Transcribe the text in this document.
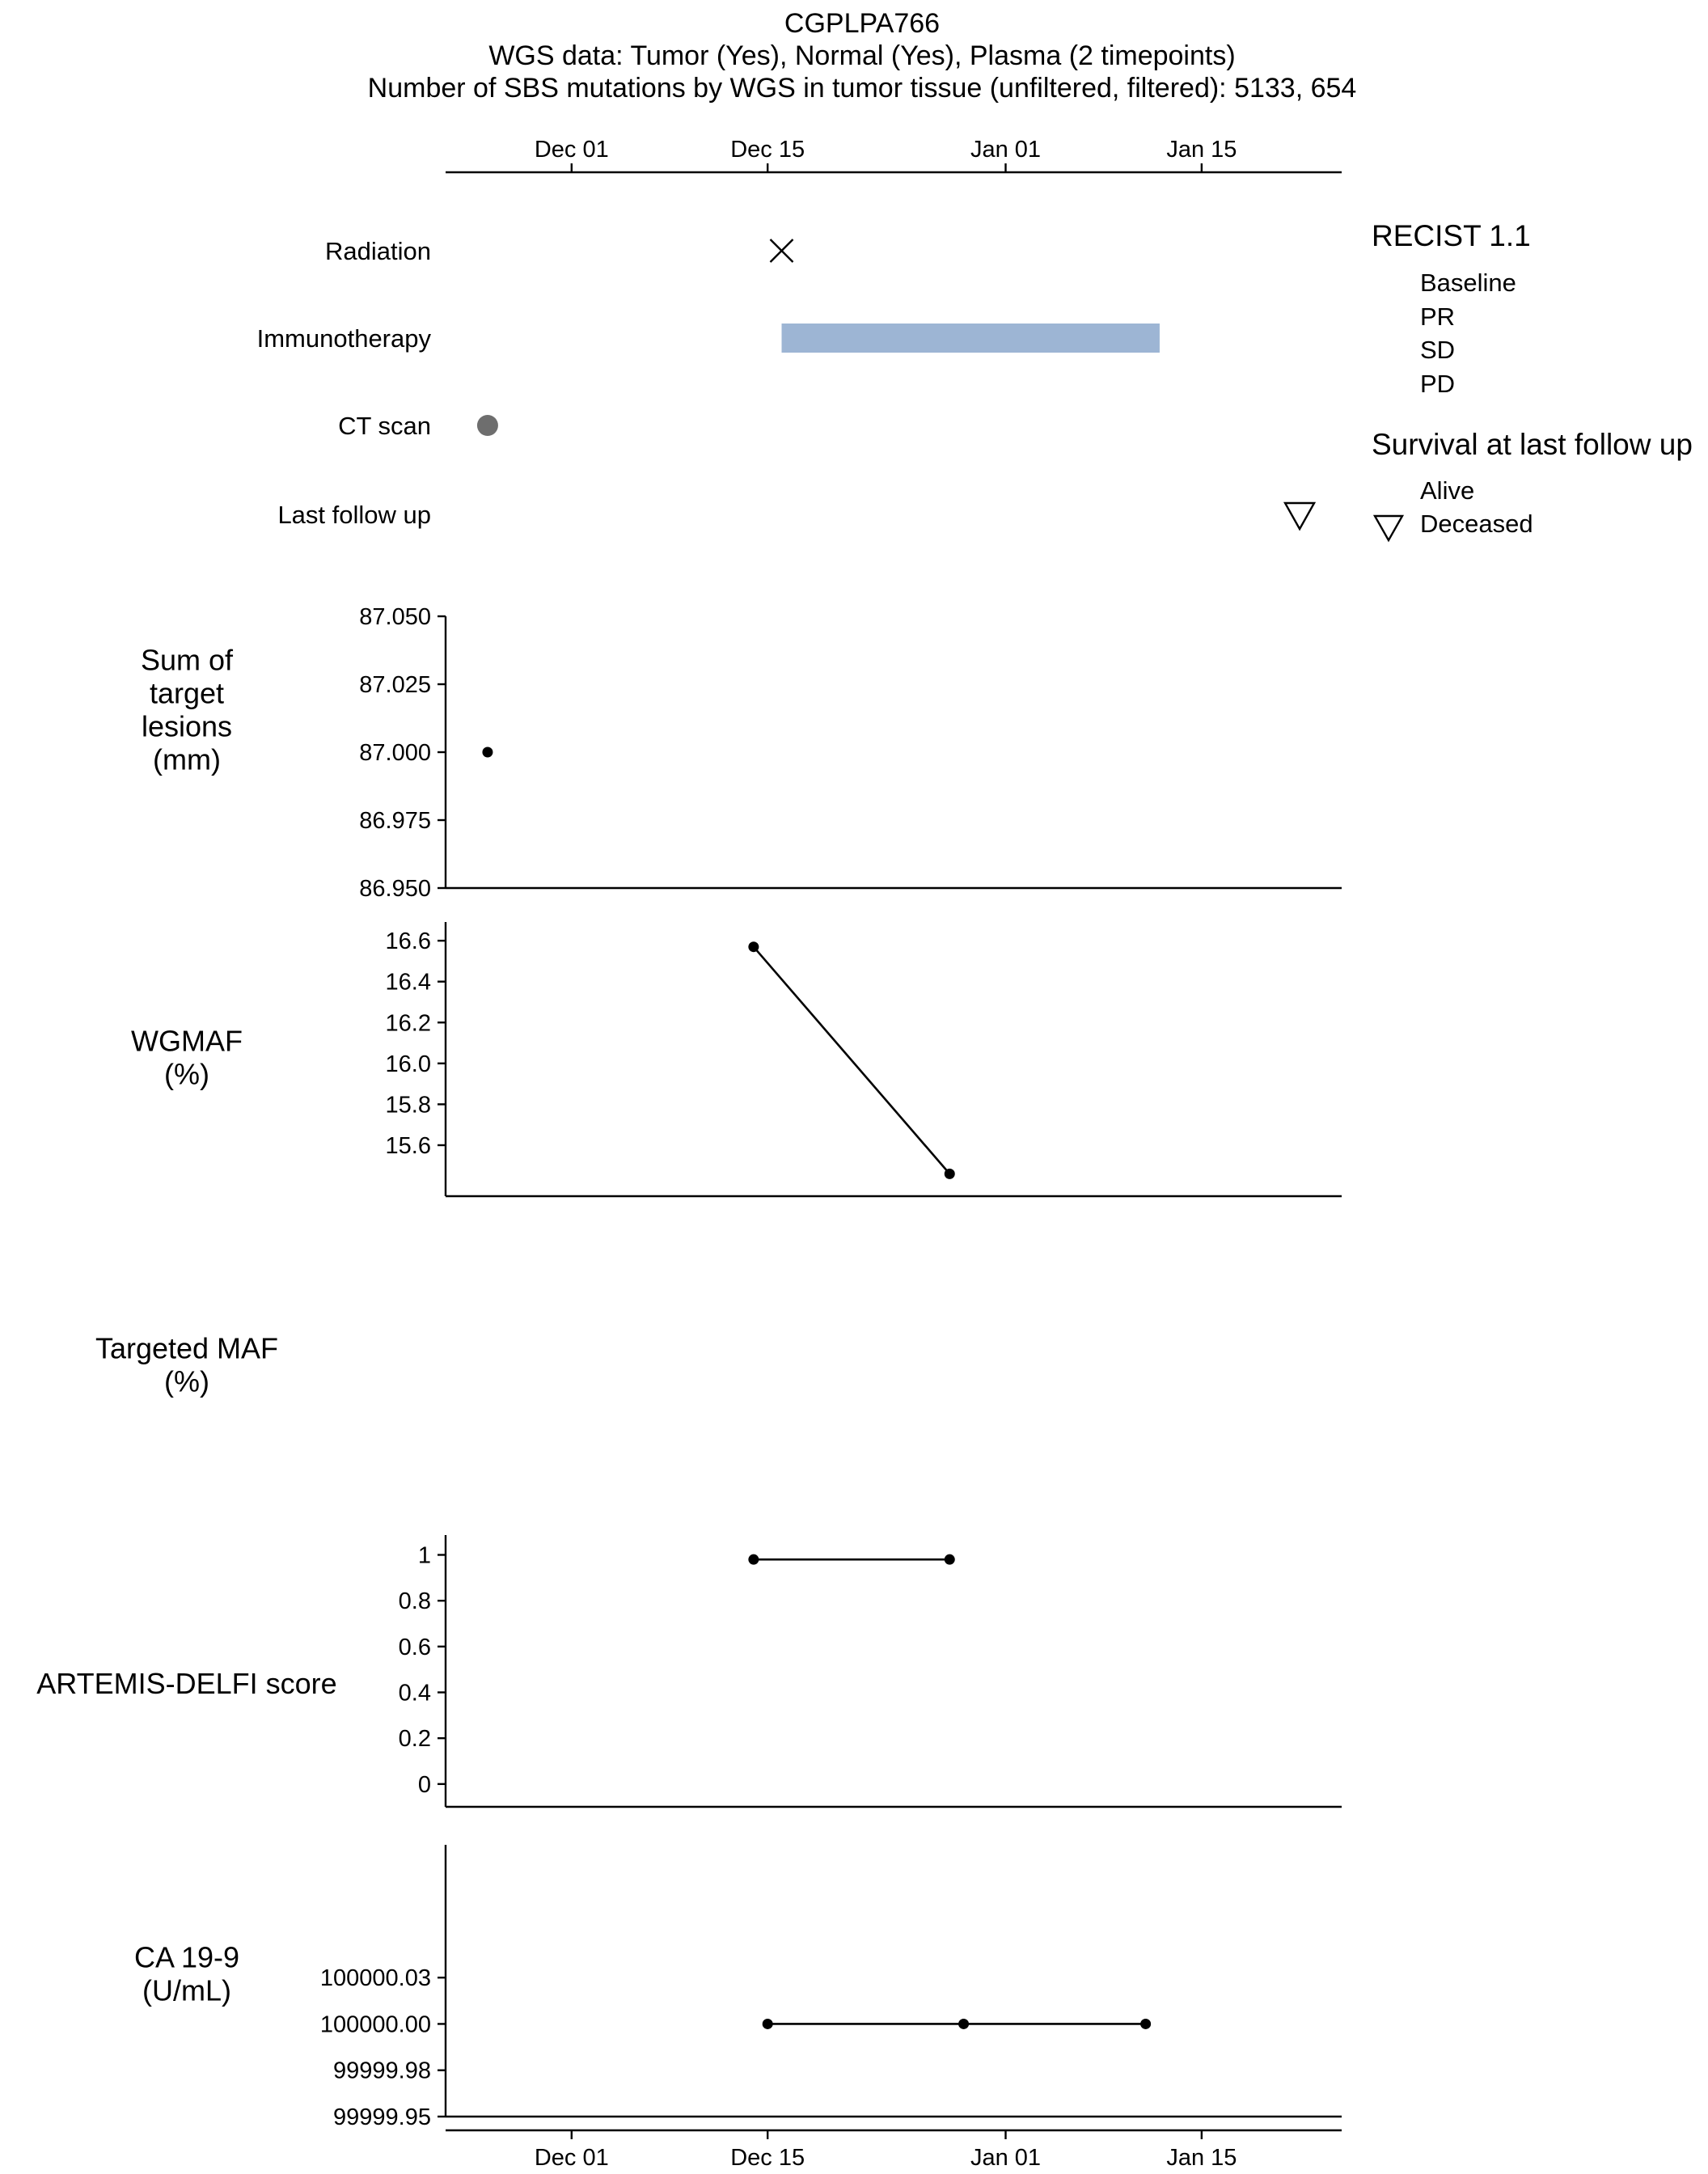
CGPLPA766
WGS data: Tumor (Yes), Normal (Yes), Plasma (2 timepoints)
Number of SBS mutations by WGS in tumor tissue (unfiltered, filtered): 5133, 654
Dec 01	Dec 15	Jan 01	Jan 15
Radiation
Immunotherapy
CT scan
Last follow up
Sum of
target
lesions
(mm)
86.950
86.975
87.000
87.025
87.050
WGMAF
(%)
15.6
15.8
16.0
16.2
16.4
16.6
Targeted MAF
(%)
ARTEMIS-DELFI score
0
0.2
0.4
0.6
0.8
1
CA 19-9
(U/mL)
99999.95
99999.98
100000.00
100000.03
Dec 01	Dec 15	Jan 01	Jan 15
RECIST 1.1
Baseline
PR
SD
PD
Survival at last follow up
Alive
Deceased
